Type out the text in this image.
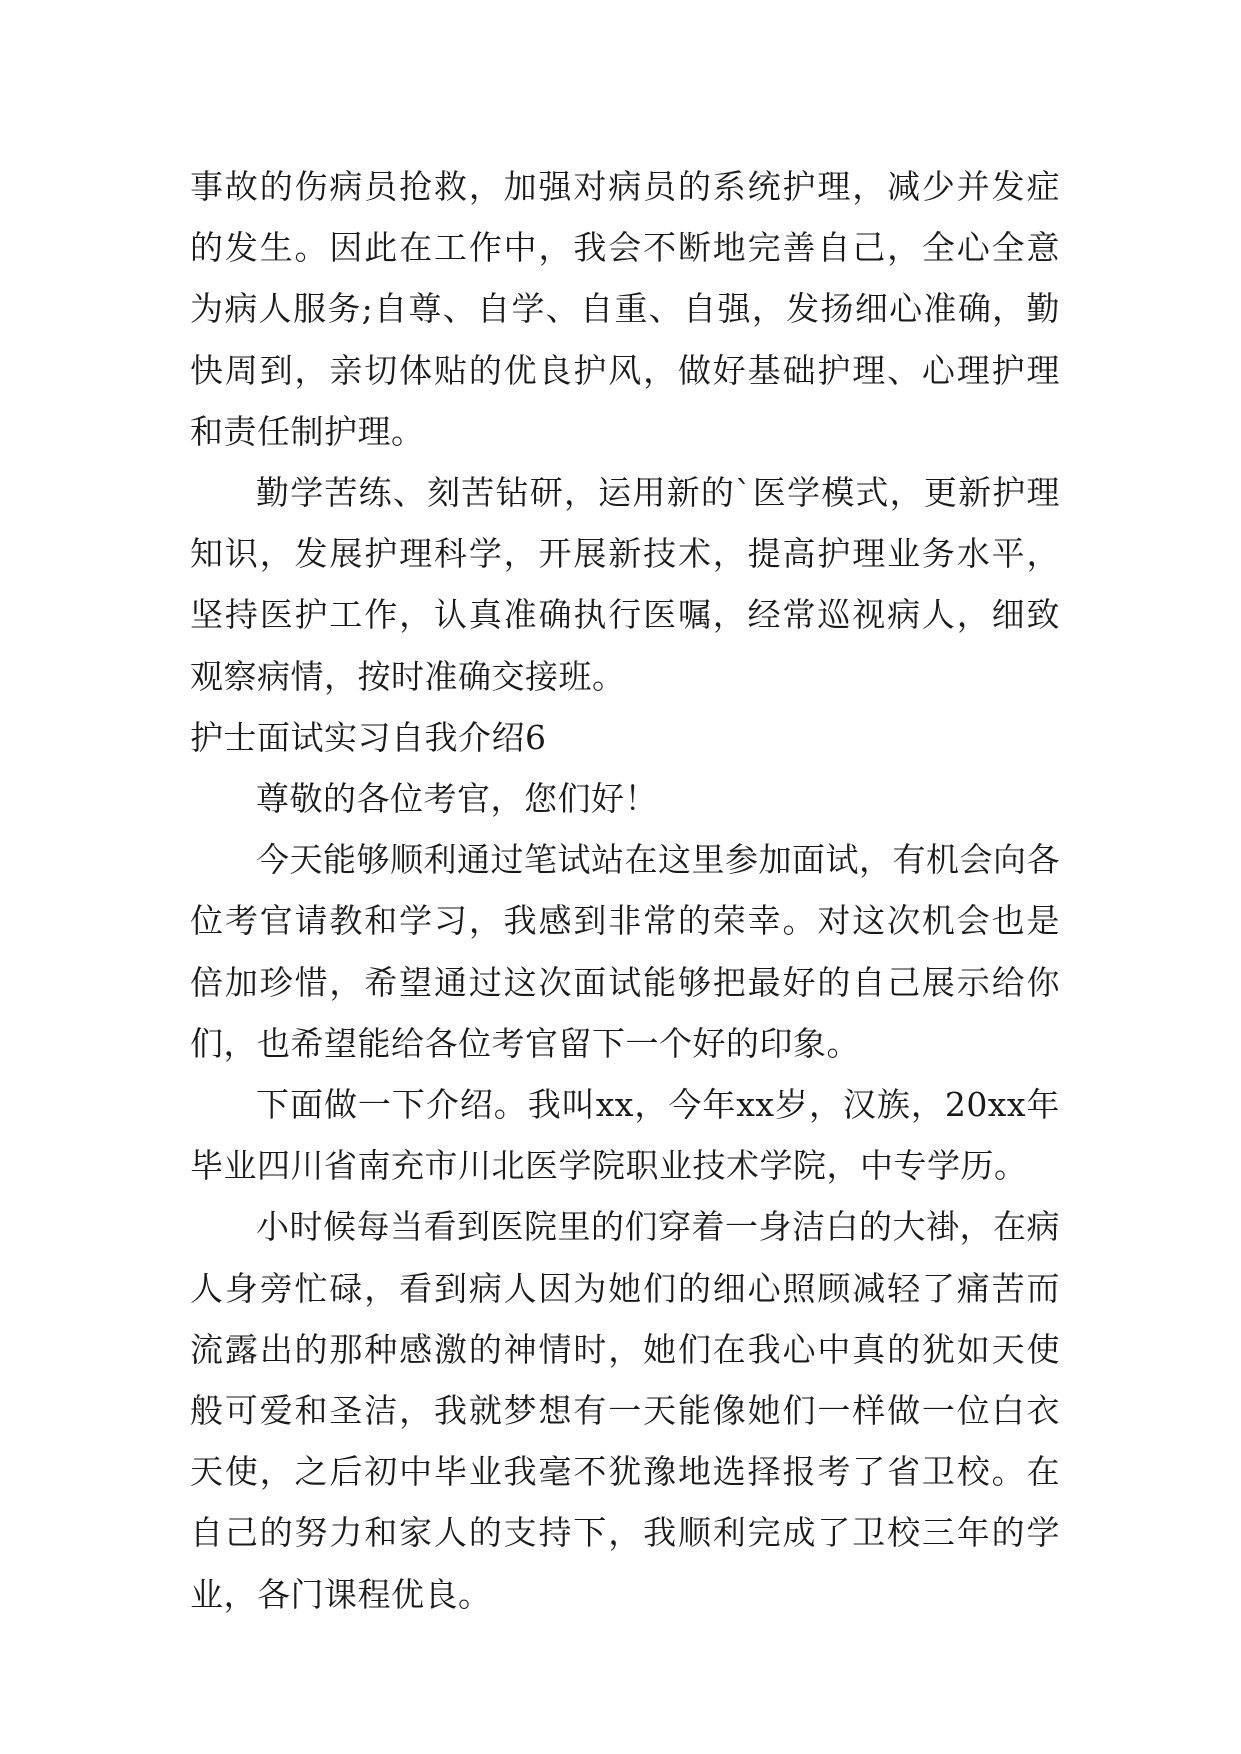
事故的伤病员抢救，加强对病员的系统护理，减少并发症的发生。因此在工作中，我会不断地完善自己，全心全意为病人服务;自尊、自学、自重、自强，发扬细心准确，勤快周到，亲切体贴的优良护风，做好基础护理、心理护理和责任制护理。

勤学苦练、刻苦钻研，运用新的`医学模式，更新护理知识，发展护理科学，开展新技术，提高护理业务水平，坚持医护工作，认真准确执行医嘱，经常巡视病人，细致观察病情，按时准确交接班。

护士面试实习自我介绍6

尊敬的各位考官，您们好！

今天能够顺利通过笔试站在这里参加面试，有机会向各位考官请教和学习，我感到非常的荣幸。对这次机会也是倍加珍惜，希望通过这次面试能够把最好的自己展示给你们，也希望能给各位考官留下一个好的印象。

下面做一下介绍。我叫xx，今年xx岁，汉族，20xx年毕业四川省南充市川北医学院职业技术学院，中专学历。

小时候每当看到医院里的们穿着一身洁白的大褂，在病人身旁忙碌，看到病人因为她们的细心照顾减轻了痛苦而流露出的那种感激的神情时，她们在我心中真的犹如天使般可爱和圣洁，我就梦想有一天能像她们一样做一位白衣天使，之后初中毕业我毫不犹豫地选择报考了省卫校。在自己的努力和家人的支持下，我顺利完成了卫校三年的学业，各门课程优良。
